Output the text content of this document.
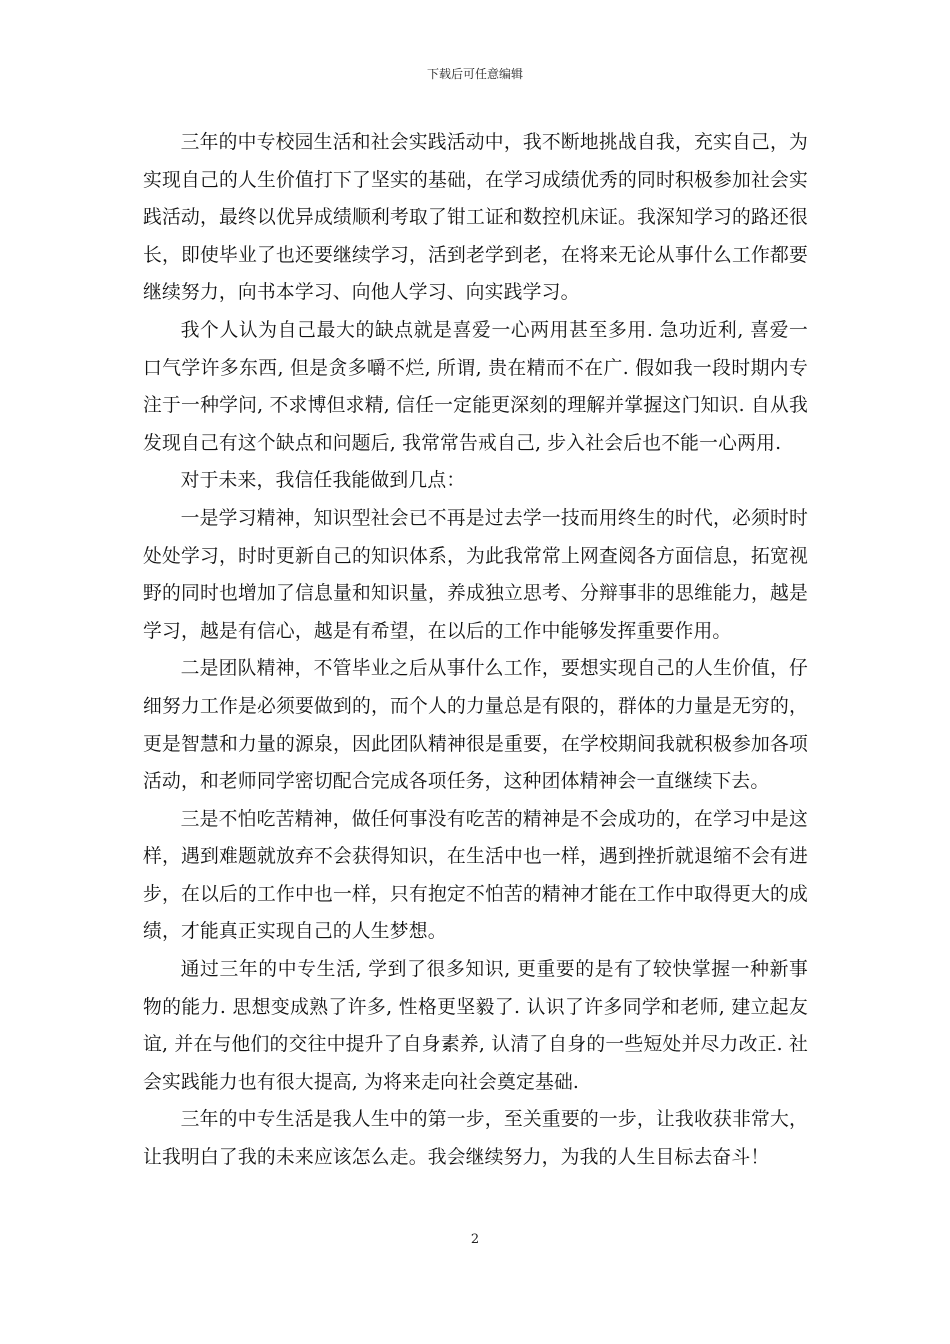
下载后可任意编辑

三年的中专校园生活和社会实践活动中，我不断地挑战自我，充实自己，为实现自己的人生价值打下了坚实的基础，在学习成绩优秀的同时积极参加社会实践活动，最终以优异成绩顺利考取了钳工证和数控机床证。我深知学习的路还很长，即使毕业了也还要继续学习，活到老学到老，在将来无论从事什么工作都要继续努力，向书本学习、向他人学习、向实践学习。

我个人认为自己最大的缺点就是喜爱一心两用甚至多用. 急功近利, 喜爱一口气学许多东西, 但是贪多嚼不烂, 所谓, 贵在精而不在广. 假如我一段时期内专注于一种学问, 不求博但求精, 信任一定能更深刻的理解并掌握这门知识. 自从我发现自己有这个缺点和问题后, 我常常告戒自己, 步入社会后也不能一心两用.

对于未来，我信任我能做到几点：

一是学习精神，知识型社会已不再是过去学一技而用终生的时代，必须时时处处学习，时时更新自己的知识体系，为此我常常上网查阅各方面信息，拓宽视野的同时也增加了信息量和知识量，养成独立思考、分辩事非的思维能力，越是学习，越是有信心，越是有希望，在以后的工作中能够发挥重要作用。

二是团队精神，不管毕业之后从事什么工作，要想实现自己的人生价值，仔细努力工作是必须要做到的，而个人的力量总是有限的，群体的力量是无穷的，更是智慧和力量的源泉，因此团队精神很是重要，在学校期间我就积极参加各项活动，和老师同学密切配合完成各项任务，这种团体精神会一直继续下去。

三是不怕吃苦精神，做任何事没有吃苦的精神是不会成功的，在学习中是这样，遇到难题就放弃不会获得知识，在生活中也一样，遇到挫折就退缩不会有进步，在以后的工作中也一样，只有抱定不怕苦的精神才能在工作中取得更大的成绩，才能真正实现自己的人生梦想。

通过三年的中专生活, 学到了很多知识, 更重要的是有了较快掌握一种新事物的能力. 思想变成熟了许多, 性格更坚毅了. 认识了许多同学和老师, 建立起友谊, 并在与他们的交往中提升了自身素养, 认清了自身的一些短处并尽力改正. 社会实践能力也有很大提高, 为将来走向社会奠定基础.

三年的中专生活是我人生中的第一步，至关重要的一步，让我收获非常大，让我明白了我的未来应该怎么走。我会继续努力，为我的人生目标去奋斗！

2
